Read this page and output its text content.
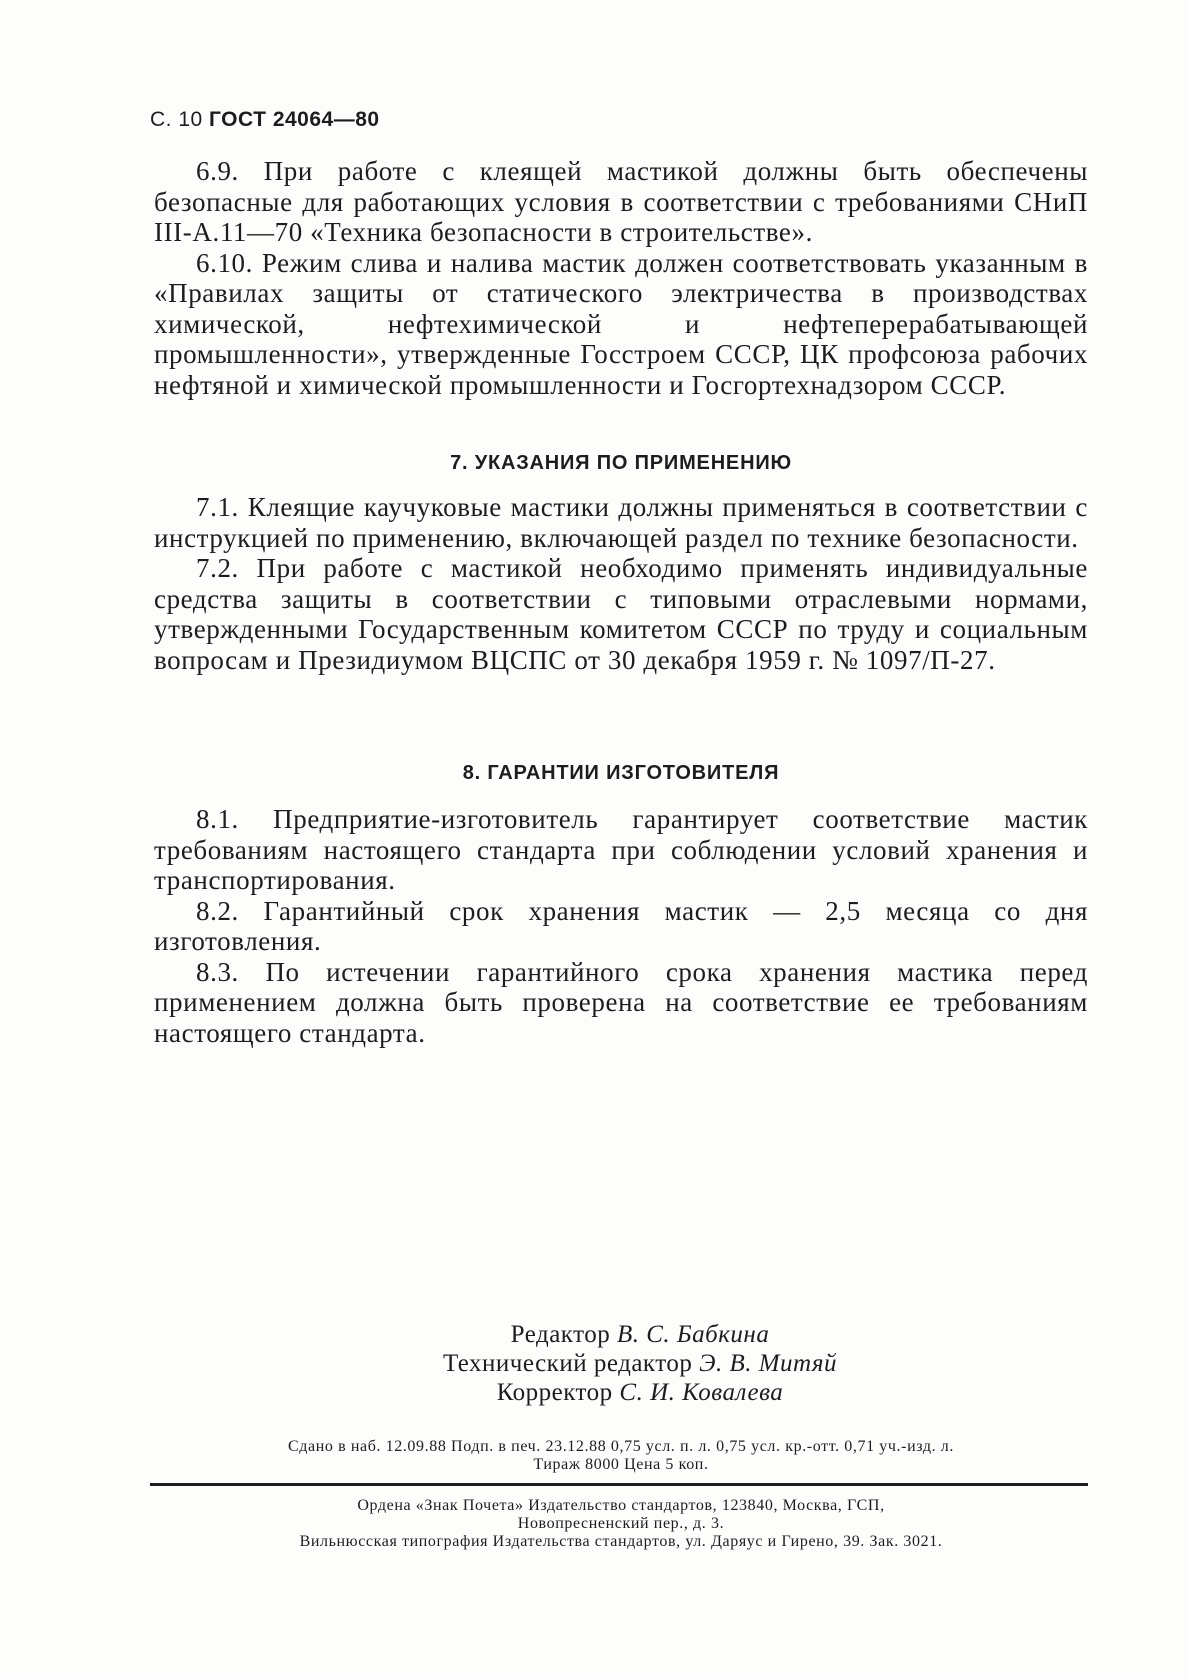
С. 10 ГОСТ 24064—80

6.9. При работе с клеящей мастикой должны быть обеспечены безопасные для работающих условия в соответствии с требованиями СНиП III-А.11—70 «Техника безопасности в строительстве».

6.10. Режим слива и налива мастик должен соответствовать указанным в «Правилах защиты от статического электричества в производствах химической, нефтехимической и нефтеперерабатывающей промышленности», утвержденные Госстроем СССР, ЦК профсоюза рабочих нефтяной и химической промышленности и Госгортехнадзором СССР.

7. УКАЗАНИЯ ПО ПРИМЕНЕНИЮ

7.1. Клеящие каучуковые мастики должны применяться в соответствии с инструкцией по применению, включающей раздел по технике безопасности.

7.2. При работе с мастикой необходимо применять индивидуальные средства защиты в соответствии с типовыми отраслевыми нормами, утвержденными Государственным комитетом СССР по труду и социальным вопросам и Президиумом ВЦСПС от 30 декабря 1959 г. № 1097/П-27.

8. ГАРАНТИИ ИЗГОТОВИТЕЛЯ

8.1. Предприятие-изготовитель гарантирует соответствие мастик требованиям настоящего стандарта при соблюдении условий хранения и транспортирования.

8.2. Гарантийный срок хранения мастик — 2,5 месяца со дня изготовления.

8.3. По истечении гарантийного срока хранения мастика перед применением должна быть проверена на соответствие ее требованиям настоящего стандарта.

Редактор В. С. Бабкина
Технический редактор Э. В. Митяй
Корректор С. И. Ковалева
Сдано в наб. 12.09.88 Подп. в печ. 23.12.88 0,75 усл. п. л. 0,75 усл. кр.-отт. 0,71 уч.-изд. л.
Тираж 8000 Цена 5 коп.
Ордена «Знак Почета» Издательство стандартов, 123840, Москва, ГСП,
Новопресненский пер., д. 3.
Вильнюсская типография Издательства стандартов, ул. Даряус и Гирено, 39. Зак. 3021.
